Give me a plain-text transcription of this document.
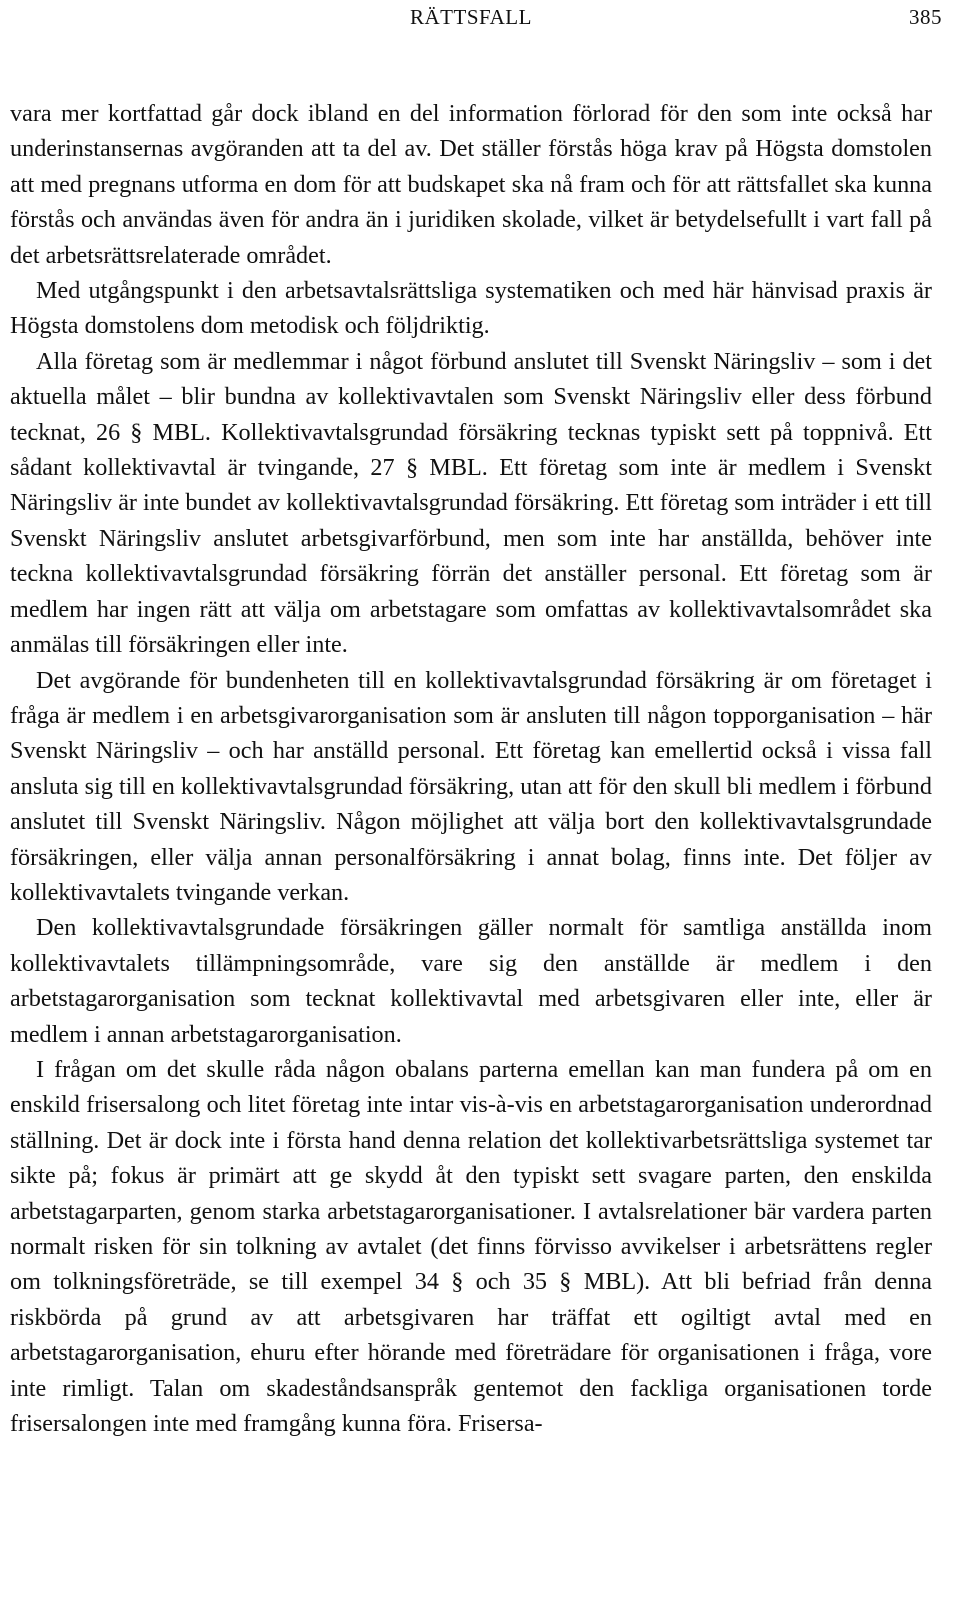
RÄTTSFALL	385

vara mer kortfattad går dock ibland en del information förlorad för den som inte också har underinstansernas avgöranden att ta del av. Det ställer förstås höga krav på Högsta domstolen att med pregnans utforma en dom för att budskapet ska nå fram och för att rättsfallet ska kunna förstås och användas även för andra än i juridiken skolade, vilket är betydelsefullt i vart fall på det arbetsrättsrelaterade området.

Med utgångspunkt i den arbetsavtalsrättsliga systematiken och med här hänvisad praxis är Högsta domstolens dom metodisk och följdriktig.

Alla företag som är medlemmar i något förbund anslutet till Svenskt Näringsliv – som i det aktuella målet – blir bundna av kollektivavtalen som Svenskt Näringsliv eller dess förbund tecknat, 26 § MBL. Kollektivavtalsgrundad försäkring tecknas typiskt sett på toppnivå. Ett sådant kollektivavtal är tvingande, 27 § MBL. Ett företag som inte är medlem i Svenskt Näringsliv är inte bundet av kollektivavtalsgrundad försäkring. Ett företag som inträder i ett till Svenskt Näringsliv anslutet arbetsgivarförbund, men som inte har anställda, behöver inte teckna kollektivavtalsgrundad försäkring förrän det anställer personal. Ett företag som är medlem har ingen rätt att välja om arbetstagare som omfattas av kollektivavtalsområdet ska anmälas till försäkringen eller inte.

Det avgörande för bundenheten till en kollektivavtalsgrundad försäkring är om företaget i fråga är medlem i en arbetsgivarorganisation som är ansluten till någon topporganisation – här Svenskt Näringsliv – och har anställd personal. Ett företag kan emellertid också i vissa fall ansluta sig till en kollektivavtalsgrundad försäkring, utan att för den skull bli medlem i förbund anslutet till Svenskt Näringsliv. Någon möjlighet att välja bort den kollektivavtalsgrundade försäkringen, eller välja annan personalförsäkring i annat bolag, finns inte. Det följer av kollektivavtalets tvingande verkan.

Den kollektivavtalsgrundade försäkringen gäller normalt för samtliga anställda inom kollektivavtalets tillämpningsområde, vare sig den anställde är medlem i den arbetstagarorganisation som tecknat kollektivavtal med arbetsgivaren eller inte, eller är medlem i annan arbetstagarorganisation.

I frågan om det skulle råda någon obalans parterna emellan kan man fundera på om en enskild frisersalong och litet företag inte intar vis-à-vis en arbetstagarorganisation underordnad ställning. Det är dock inte i första hand denna relation det kollektivarbetsrättsliga systemet tar sikte på; fokus är primärt att ge skydd åt den typiskt sett svagare parten, den enskilda arbetstagarparten, genom starka arbetstagarorganisationer. I avtalsrelationer bär vardera parten normalt risken för sin tolkning av avtalet (det finns förvisso avvikelser i arbetsrättens regler om tolkningsföreträde, se till exempel 34 § och 35 § MBL). Att bli befriad från denna riskbörda på grund av att arbetsgivaren har träffat ett ogiltigt avtal med en arbetstagarorganisation, ehuru efter hörande med företrädare för organisationen i fråga, vore inte rimligt. Talan om skadeståndsanspråk gentemot den fackliga organisationen torde frisersalongen inte med framgång kunna föra. Frisersa-
